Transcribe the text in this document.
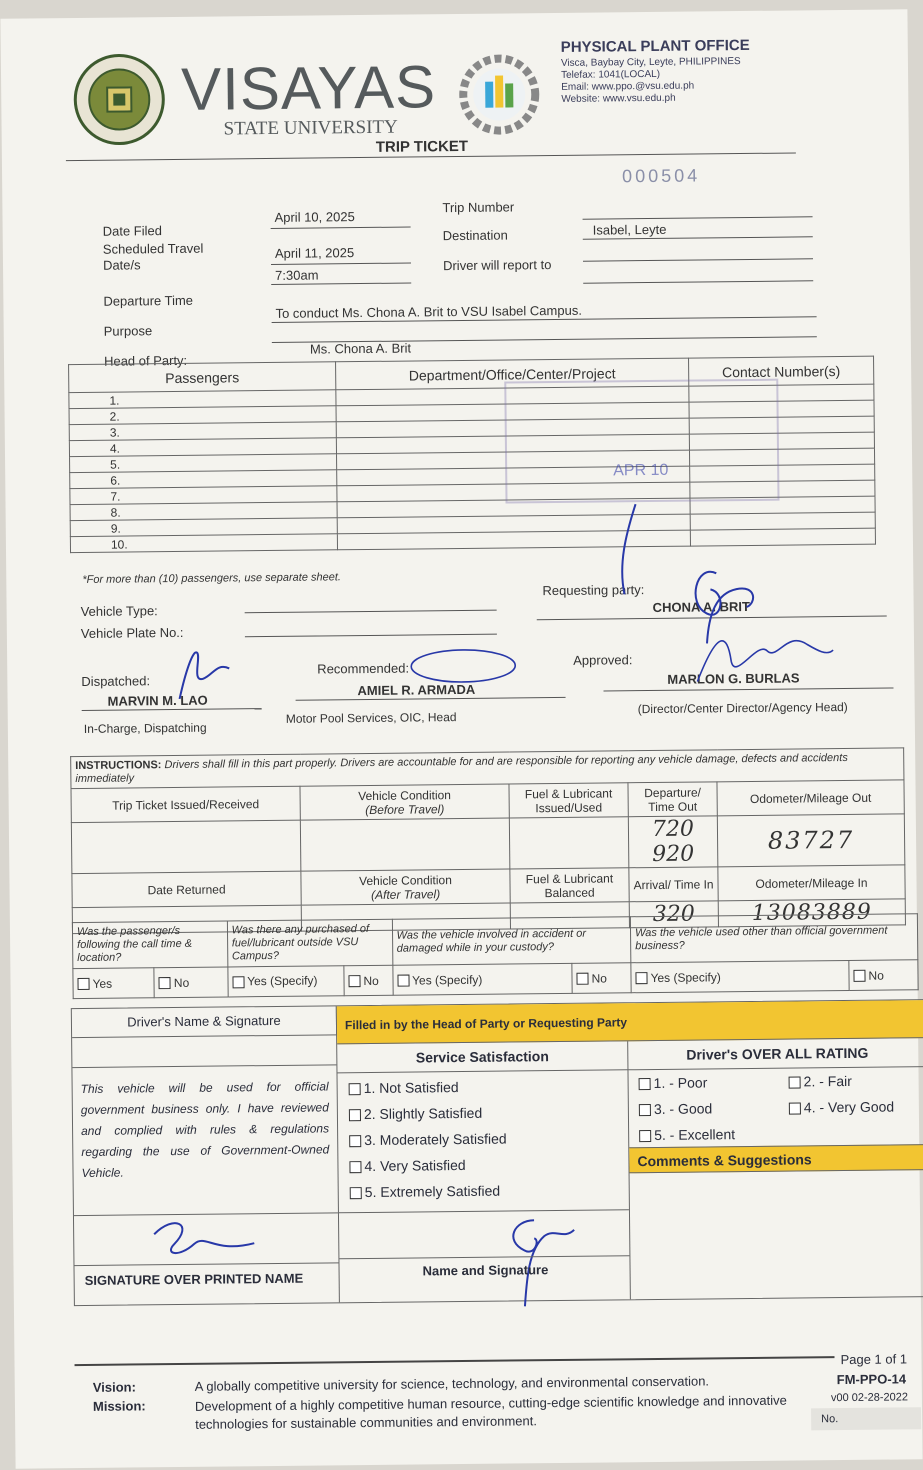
VISAYAS
STATE UNIVERSITY
PHYSICAL PLANT OFFICE
Visca, Baybay City, Leyte, PHILIPPINES
Telefax: 1041(LOCAL)
Email: www.ppo.@vsu.edu.ph
Website: www.vsu.edu.ph
TRIP TICKET
000504
Date Filed
April 10, 2025
Scheduled Travel Date/s
April 11, 2025
7:30am
Departure Time
Purpose
To conduct Ms. Chona A. Brit to VSU Isabel Campus.
Head of Party:
Ms. Chona A. Brit
Trip Number
Destination	Isabel, Leyte
Driver will report to
Passengers	Department/Office/Center/Project	Contact Number(s)
1.		
2.		
3.		
4.		
5.		
6.		
7.		
8.		
9.		
10.		
APR 10
*For more than (10) passengers, use separate sheet.
Vehicle Type:
Vehicle Plate No.:
Requesting party:
CHONA A. BRIT
Dispatched:
MARVIN M. LAO
In-Charge, Dispatching
Recommended:
AMIEL R. ARMADA
Motor Pool Services, OIC, Head
Approved:
MARLON G. BURLAS
(Director/Center Director/Agency Head)
INSTRUCTIONS: Drivers shall fill in this part properly. Drivers are accountable for and are responsible for reporting any vehicle damage, defects and accidents immediately				
Trip Ticket Issued/Received	Vehicle Condition
(Before Travel)	Fuel & Lubricant Issued/Used	Departure/ Time Out	Odometer/Mileage Out
			720 920	83727
Date Returned	Vehicle Condition
(After Travel)	Fuel & Lubricant Balanced	Arrival/ Time In	Odometer/Mileage In
			320	13083889
Was the passenger/s following the call time & location?		Was there any purchased of fuel/lubricant outside VSU Campus?		Was the vehicle involved in accident or damaged while in your custody?		Was the vehicle used other than official government business?	
Yes	No	Yes (Specify)	No	Yes (Specify)	No	Yes (Specify)	No
Driver's Name & Signature
This vehicle will be used for official government business only. I have reviewed and complied with rules & regulations regarding the use of Government-Owned Vehicle.
SIGNATURE OVER PRINTED NAME
Filled in by the Head of Party or Requesting Party
Service Satisfaction
1. Not Satisfied
2. Slightly Satisfied
3. Moderately Satisfied
4. Very Satisfied
5. Extremely Satisfied
Name and Signature
Driver's OVER ALL RATING
1. - Poor	2. - Fair
3. - Good	4. - Very Good
5. - Excellent
Comments & Suggestions
Vision:	A globally competitive university for science, technology, and environmental conservation.
Mission:	Development of a highly competitive human resource, cutting-edge scientific knowledge and innovative technologies for sustainable communities and environment.
Page 1 of 1
FM-PPO-14
v00 02-28-2022
No.
